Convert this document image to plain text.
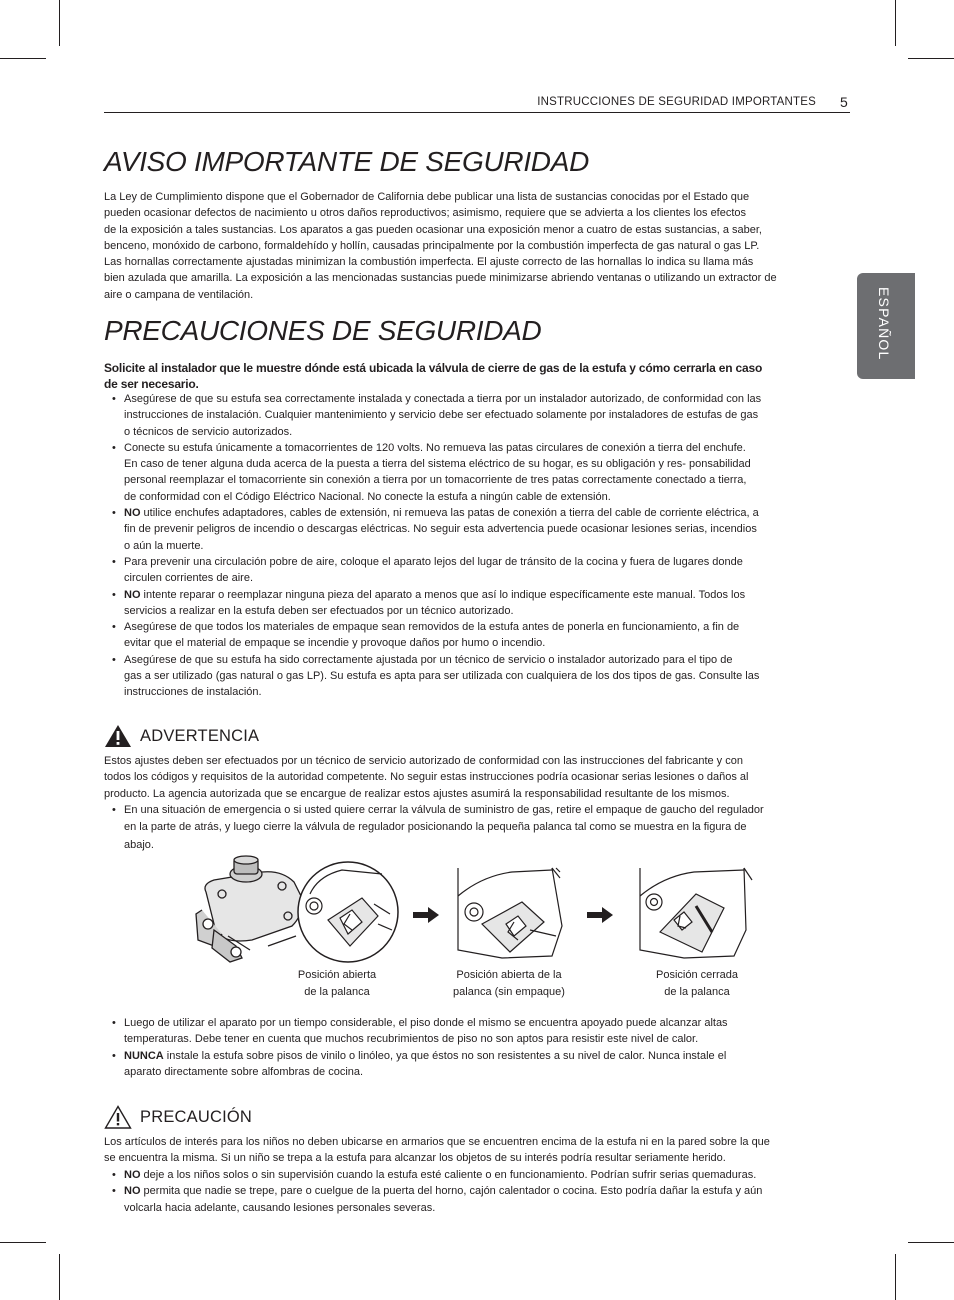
INSTRUCCIONES DE SEGURIDAD IMPORTANTES 5
ESPAÑOL
AVISO IMPORTANTE DE SEGURIDAD
La Ley de Cumplimiento dispone que el Gobernador de California debe publicar una lista de sustancias conocidas por el Estado que
pueden ocasionar defectos de nacimiento u otros daños reproductivos; asimismo, requiere que se advierta a los clientes los efectos
de la exposición a tales sustancias. Los aparatos a gas pueden ocasionar una exposición menor a cuatro de estas sustancias, a saber,
benceno, monóxido de carbono, formaldehído y hollín, causadas principalmente por la combustión imperfecta de gas natural o gas LP.
Las hornallas correctamente ajustadas minimizan la combustión imperfecta. El ajuste correcto de las hornallas lo indica su llama más
bien azulada que amarilla. La exposición a las mencionadas sustancias puede minimizarse abriendo ventanas o utilizando un extractor de
aire o campana de ventilación.
PRECAUCIONES DE SEGURIDAD
Solicite al instalador que le muestre dónde está ubicada la válvula de cierre de gas de la estufa y cómo cerrarla en caso
de ser necesario.
• Asegúrese de que su estufa sea correctamente instalada y conectada a tierra por un instalador autorizado, de conformidad con las
instrucciones de instalación. Cualquier mantenimiento y servicio debe ser efectuado solamente por instaladores de estufas de gas
o técnicos de servicio autorizados.
• Conecte su estufa únicamente a tomacorrientes de 120 volts. No remueva las patas circulares de conexión a tierra del enchufe.
En caso de tener alguna duda acerca de la puesta a tierra del sistema eléctrico de su hogar, es su obligación y res- ponsabilidad
personal reemplazar el tomacorriente sin conexión a tierra por un tomacorriente de tres patas correctamente conectado a tierra,
de conformidad con el Código Eléctrico Nacional. No conecte la estufa a ningún cable de extensión.
• NO utilice enchufes adaptadores, cables de extensión, ni remueva las patas de conexión a tierra del cable de corriente eléctrica, a
fin de prevenir peligros de incendio o descargas eléctricas. No seguir esta advertencia puede ocasionar lesiones serias, incendios
o aún la muerte.
• Para prevenir una circulación pobre de aire, coloque el aparato lejos del lugar de tránsito de la cocina y fuera de lugares donde
circulen corrientes de aire.
• NO intente reparar o reemplazar ninguna pieza del aparato a menos que así lo indique específicamente este manual. Todos los
servicios a realizar en la estufa deben ser efectuados por un técnico autorizado.
• Asegúrese de que todos los materiales de empaque sean removidos de la estufa antes de ponerla en funcionamiento, a fin de
evitar que el material de empaque se incendie y provoque daños por humo o incendio.
• Asegúrese de que su estufa ha sido correctamente ajustada por un técnico de servicio o instalador autorizado para el tipo de
gas a ser utilizado (gas natural o gas LP). Su estufa es apta para ser utilizada con cualquiera de los dos tipos de gas. Consulte las
instrucciones de instalación.
ADVERTENCIA
Estos ajustes deben ser efectuados por un técnico de servicio autorizado de conformidad con las instrucciones del fabricante y con
todos los códigos y requisitos de la autoridad competente. No seguir estas instrucciones podría ocasionar serias lesiones o daños al
producto. La agencia autorizada que se encargue de realizar estos ajustes asumirá la responsabilidad resultante de los mismos.
• En una situación de emergencia o si usted quiere cerrar la válvula de suministro de gas, retire el empaque de gaucho del regulador
en la parte de atrás, y luego cierre la válvula de regulador posicionando la pequeña palanca tal como se muestra en la figura de
abajo.
Posición abierta
de la palanca
Posición abierta de la
palanca (sin empaque)
Posición cerrada
de la palanca
• Luego de utilizar el aparato por un tiempo considerable, el piso donde el mismo se encuentra apoyado puede alcanzar altas
temperaturas. Debe tener en cuenta que muchos recubrimientos de piso no son aptos para resistir este nivel de calor.
• NUNCA instale la estufa sobre pisos de vinilo o linóleo, ya que éstos no son resistentes a su nivel de calor. Nunca instale el
aparato directamente sobre alfombras de cocina.
PRECAUCIÓN
Los artículos de interés para los niños no deben ubicarse en armarios que se encuentren encima de la estufa ni en la pared sobre la que
se encuentra la misma. Si un niño se trepa a la estufa para alcanzar los objetos de su interés podría resultar seriamente herido.
• NO deje a los niños solos o sin supervisión cuando la estufa esté caliente o en funcionamiento. Podrían sufrir serias quemaduras.
• NO permita que nadie se trepe, pare o cuelgue de la puerta del horno, cajón calentador o cocina. Esto podría dañar la estufa y aún
volcarla hacia adelante, causando lesiones personales severas.
